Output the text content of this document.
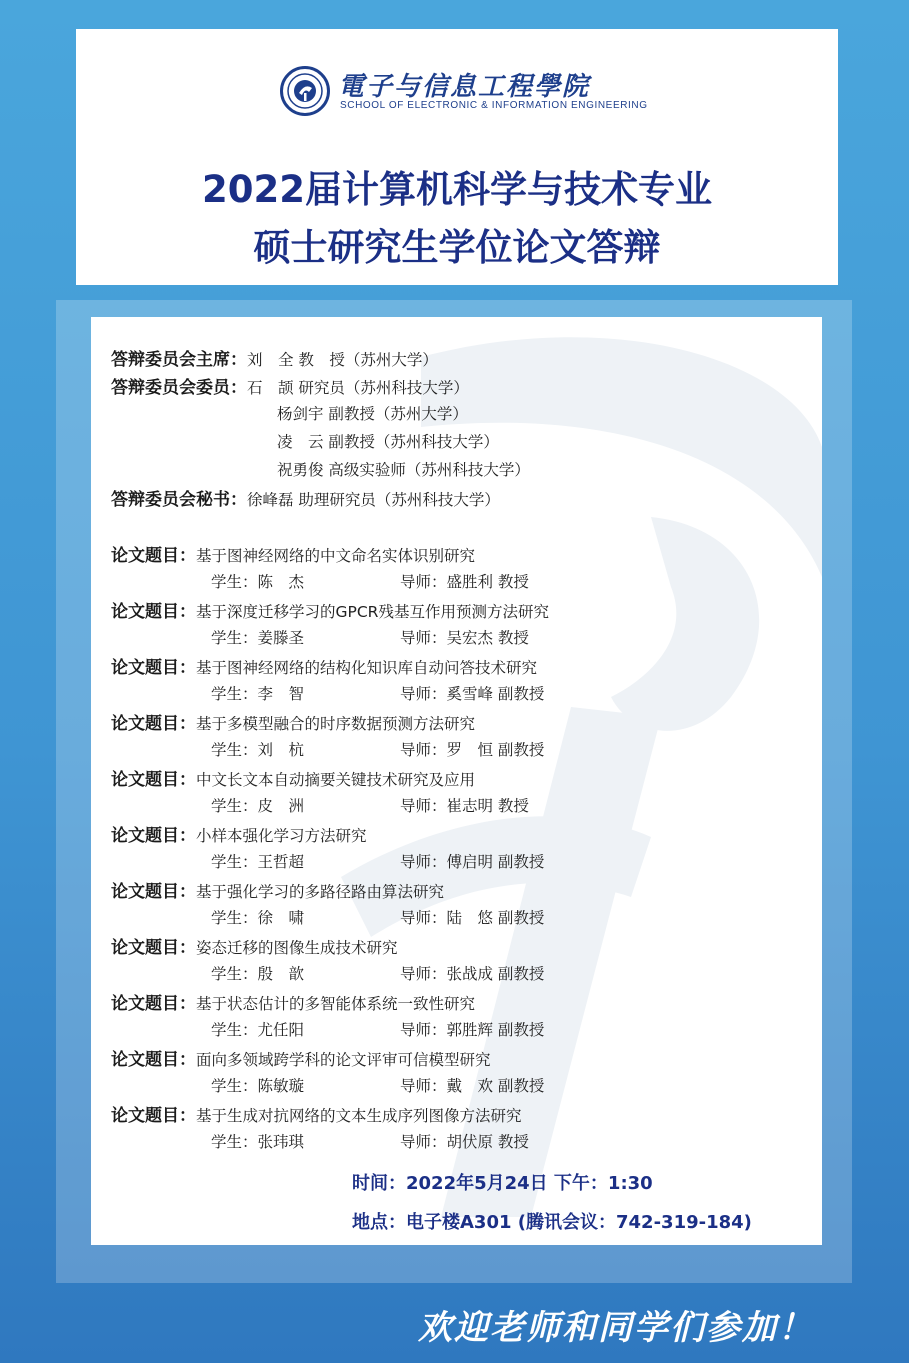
電子与信息工程學院
SCHOOL OF ELECTRONIC & INFORMATION ENGINEERING
2022届计算机科学与技术专业
硕士研究生学位论文答辩
答辩委员会主席：刘　全 教　授（苏州大学）
答辩委员会委员：石　颉 研究员（苏州科技大学）
杨剑宇 副教授（苏州大学）
凌　云 副教授（苏州科技大学）
祝勇俊 高级实验师（苏州科技大学）
答辩委员会秘书：徐峰磊 助理研究员（苏州科技大学）
论文题目：基于图神经网络的中文命名实体识别研究
学生：陈　杰	导师：盛胜利 教授
论文题目：基于深度迁移学习的GPCR残基互作用预测方法研究
学生：姜滕圣	导师：吴宏杰 教授
论文题目：基于图神经网络的结构化知识库自动问答技术研究
学生：李　智	导师：奚雪峰 副教授
论文题目：基于多模型融合的时序数据预测方法研究
学生：刘　杭	导师：罗　恒 副教授
论文题目：中文长文本自动摘要关键技术研究及应用
学生：皮　洲	导师：崔志明 教授
论文题目：小样本强化学习方法研究
学生：王哲超	导师：傅启明 副教授
论文题目：基于强化学习的多路径路由算法研究
学生：徐　啸	导师：陆　悠 副教授
论文题目：姿态迁移的图像生成技术研究
学生：殷　歆	导师：张战成 副教授
论文题目：基于状态估计的多智能体系统一致性研究
学生：尤任阳	导师：郭胜辉 副教授
论文题目：面向多领域跨学科的论文评审可信模型研究
学生：陈敏璇	导师：戴　欢 副教授
论文题目：基于生成对抗网络的文本生成序列图像方法研究
学生：张玮琪	导师：胡伏原 教授
时间：2022年5月24日 下午：1:30
地点：电子楼A301 (腾讯会议：742-319-184)
欢迎老师和同学们参加！
